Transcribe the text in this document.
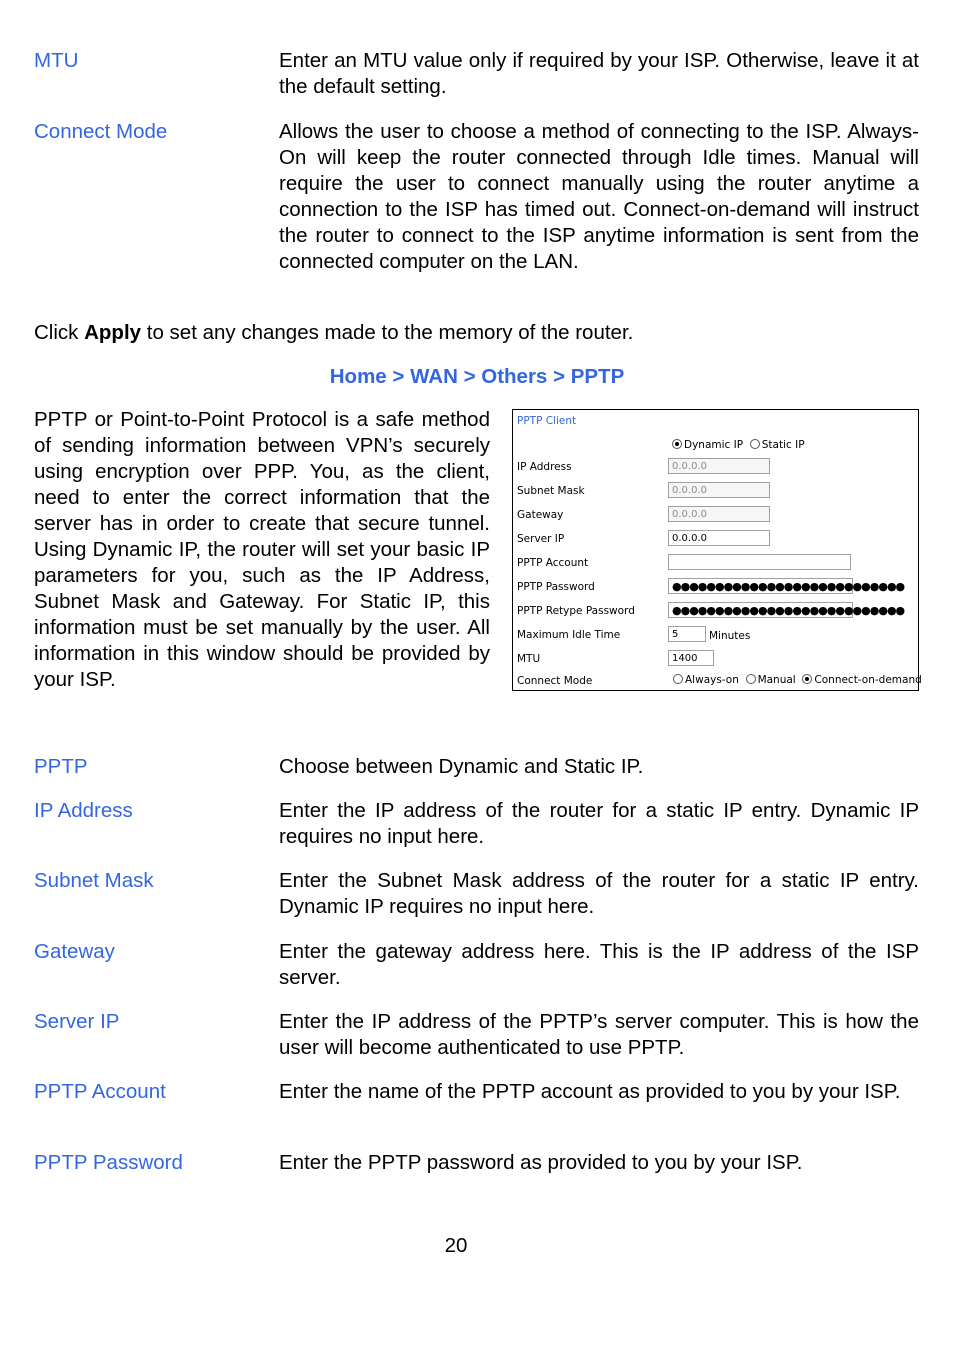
MTU	Enter an MTU value only if required by your ISP. Otherwise, leave it at the default setting.
Connect Mode	Allows the user to choose a method of connecting to the ISP. Always-On will keep the router connected through Idle times. Manual will require the user to connect manually using the router anytime a connection to the ISP has timed out. Connect-on-demand will instruct the router to connect to the ISP anytime information is sent from the connected computer on the LAN.
Click Apply to set any changes made to the memory of the router.
Home > WAN > Others > PPTP
PPTP or Point-to-Point Protocol is a safe method of sending information between VPN’s securely using encryption over PPP. You, as the client, need to enter the correct information that the server has in order to create that secure tunnel. Using Dynamic IP, the router will set your basic IP parameters for you, such as the IP Address, Subnet Mask and Gateway. For Static IP, this information must be set manually by the user. All information in this window should be provided by your ISP.
PPTP Client
Dynamic IP Static IP
IP Address	0.0.0.0
Subnet Mask	0.0.0.0
Gateway	0.0.0.0
Server IP	0.0.0.0
PPTP Account
PPTP Password	●●●●●●●●●●●●●●●●●●●●●●●●●●●
PPTP Retype Password	●●●●●●●●●●●●●●●●●●●●●●●●●●●
Maximum Idle Time	5	Minutes
MTU	1400
Connect Mode	Always-on Manual Connect-on-demand
PPTP	Choose between Dynamic and Static IP.
IP Address	Enter the IP address of the router for a static IP entry. Dynamic IP requires no input here.
Subnet Mask	Enter the Subnet Mask address of the router for a static IP entry. Dynamic IP requires no input here.
Gateway	Enter the gateway address here. This is the IP address of the ISP server.
Server IP	Enter the IP address of the PPTP’s server computer. This is how the user will become authenticated to use PPTP.
PPTP Account	Enter the name of the PPTP account as provided to you by your ISP.
PPTP Password	Enter the PPTP password as provided to you by your ISP.
20
